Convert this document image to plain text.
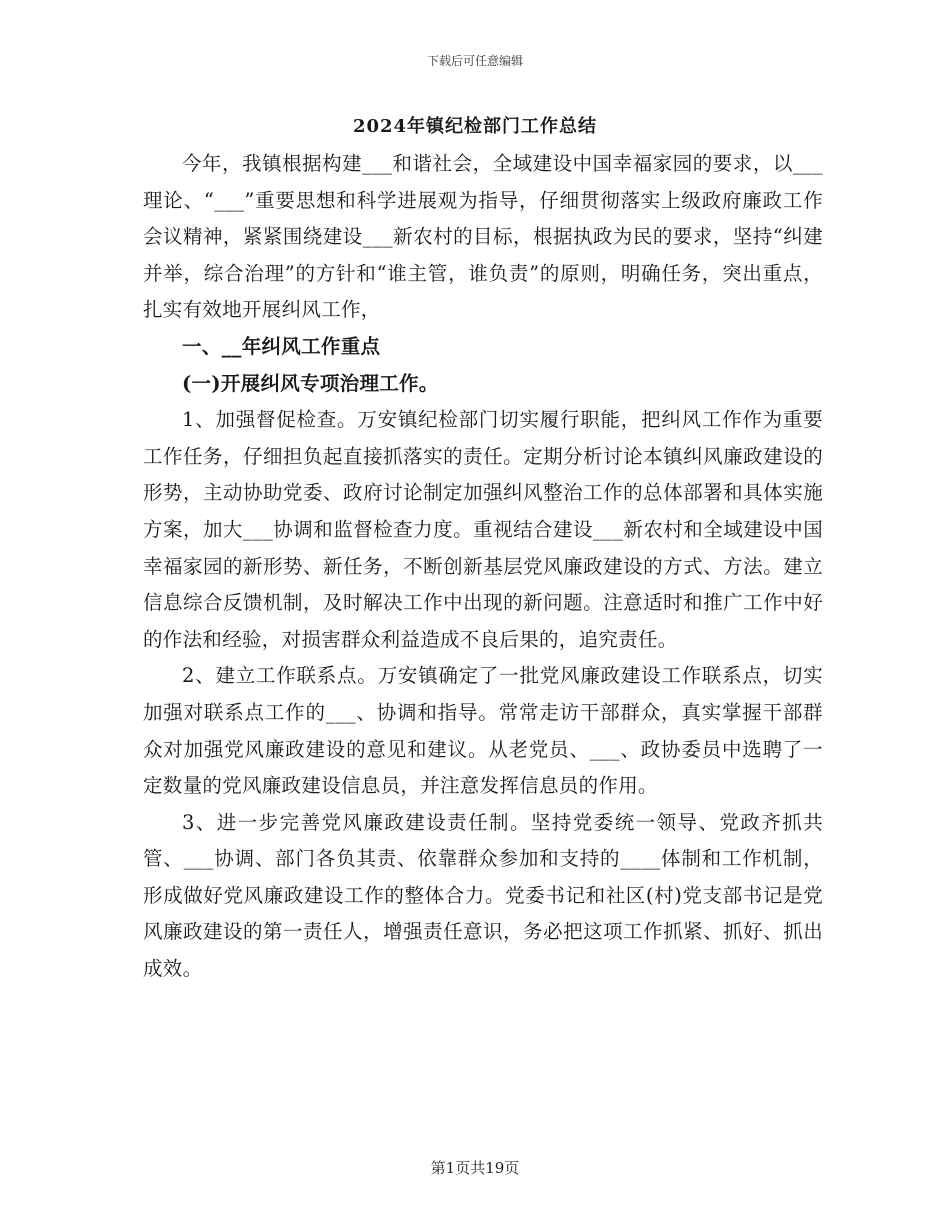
下载后可任意编辑
2024年镇纪检部门工作总结

今年，我镇根据构建___和谐社会，全域建设中国幸福家园的要求，以___理论、“___”重要思想和科学进展观为指导，仔细贯彻落实上级政府廉政工作会议精神，紧紧围绕建设___新农村的目标，根据执政为民的要求，坚持“纠建并举，综合治理”的方针和“谁主管，谁负责”的原则，明确任务，突出重点，扎实有效地开展纠风工作，

一、__年纠风工作重点

(一)开展纠风专项治理工作。

1、加强督促检查。万安镇纪检部门切实履行职能，把纠风工作作为重要工作任务，仔细担负起直接抓落实的责任。定期分析讨论本镇纠风廉政建设的形势，主动协助党委、政府讨论制定加强纠风整治工作的总体部署和具体实施方案，加大___协调和监督检查力度。重视结合建设___新农村和全域建设中国幸福家园的新形势、新任务，不断创新基层党风廉政建设的方式、方法。建立信息综合反馈机制，及时解决工作中出现的新问题。注意适时和推广工作中好的作法和经验，对损害群众利益造成不良后果的，追究责任。

2、建立工作联系点。万安镇确定了一批党风廉政建设工作联系点，切实加强对联系点工作的___、协调和指导。常常走访干部群众，真实掌握干部群众对加强党风廉政建设的意见和建议。从老党员、___、政协委员中选聘了一定数量的党风廉政建设信息员，并注意发挥信息员的作用。

3、进一步完善党风廉政建设责任制。坚持党委统一领导、党政齐抓共管、___协调、部门各负其责、依靠群众参加和支持的____体制和工作机制，形成做好党风廉政建设工作的整体合力。党委书记和社区(村)党支部书记是党风廉政建设的第一责任人，增强责任意识，务必把这项工作抓紧、抓好、抓出成效。

第1页共19页
